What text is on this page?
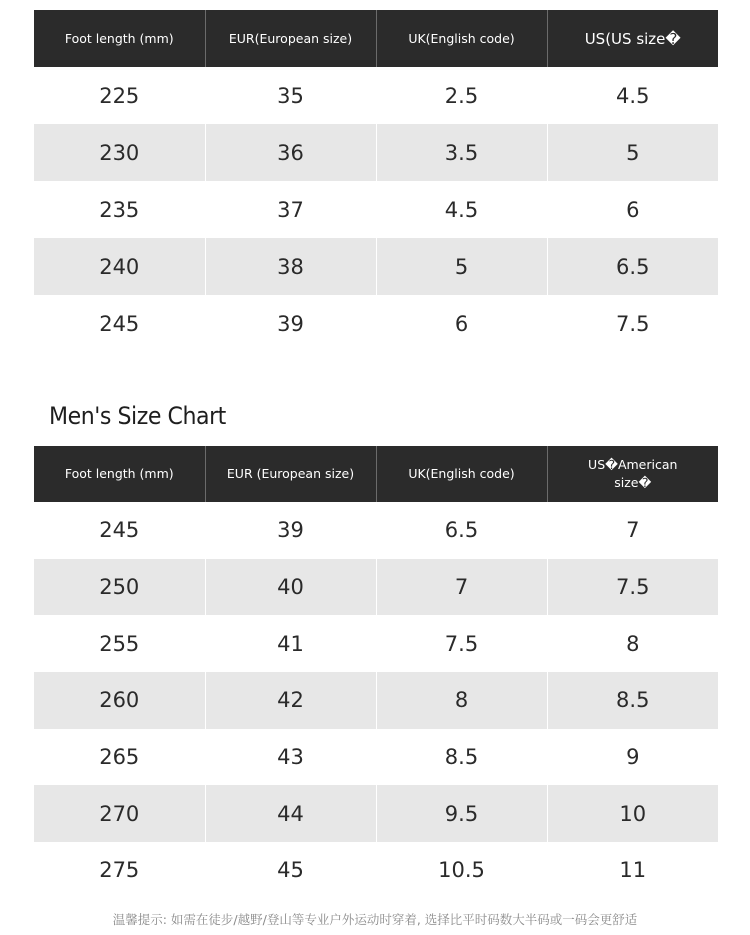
Foot length (mm)	EUR(European size)	UK(English code)	US(US size�
225	35	2.5	4.5
230	36	3.5	5
235	37	4.5	6
240	38	5	6.5
245	39	6	7.5
Men's Size Chart
Foot length (mm)	EUR (European size)	UK(English code)	US�American size�
245	39	6.5	7
250	40	7	7.5
255	41	7.5	8
260	42	8	8.5
265	43	8.5	9
270	44	9.5	10
275	45	10.5	11
温馨提示: 如需在徒步/越野/登山等专业户外运动时穿着, 选择比平时码数大半码或一码会更舒适
